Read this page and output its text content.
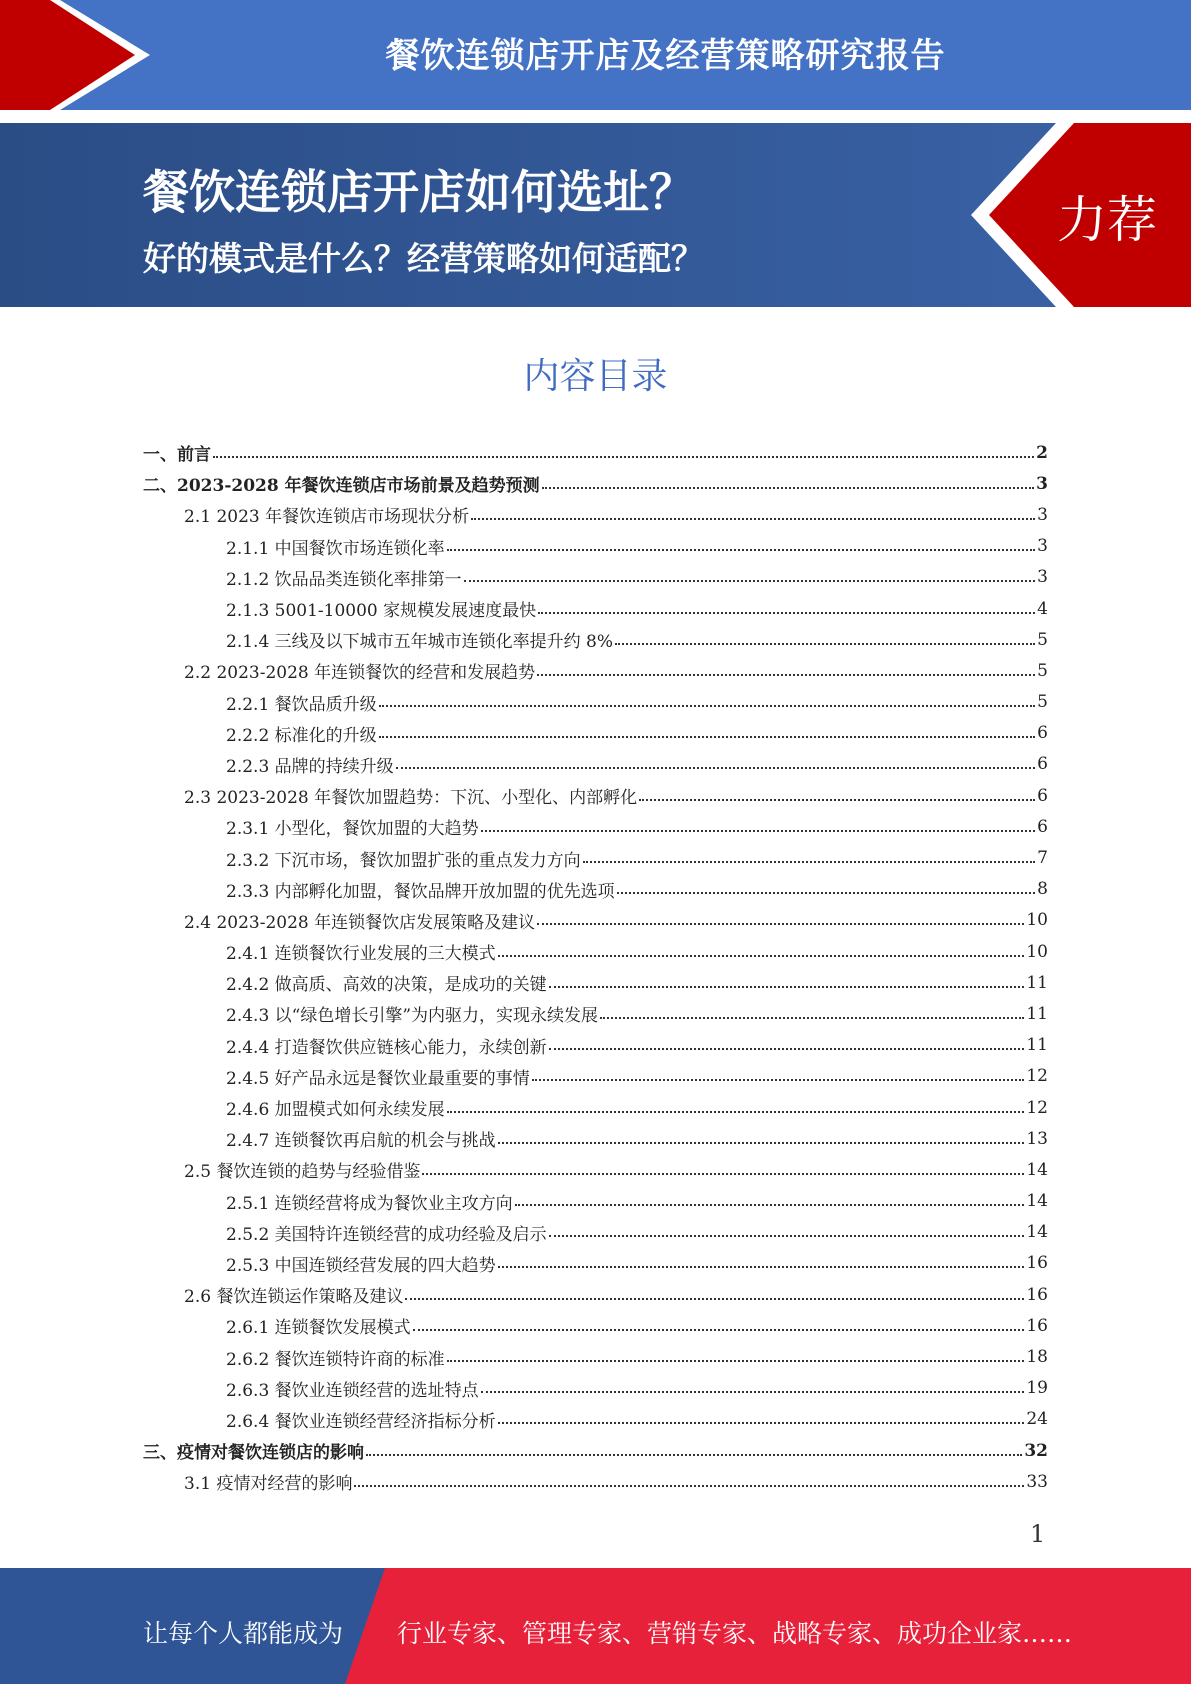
餐饮连锁店开店及经营策略研究报告
餐饮连锁店开店如何选址？
好的模式是什么？经营策略如何适配？
力荐
内容目录
一、前言	2
二、2023-2028 年餐饮连锁店市场前景及趋势预测	3
2.1 2023 年餐饮连锁店市场现状分析	3
2.1.1 中国餐饮市场连锁化率	3
2.1.2 饮品品类连锁化率排第一	3
2.1.3 5001-10000 家规模发展速度最快	4
2.1.4 三线及以下城市五年城市连锁化率提升约 8%	5
2.2 2023-2028 年连锁餐饮的经营和发展趋势	5
2.2.1 餐饮品质升级	5
2.2.2 标准化的升级	6
2.2.3 品牌的持续升级	6
2.3 2023-2028 年餐饮加盟趋势：下沉、小型化、内部孵化	6
2.3.1 小型化，餐饮加盟的大趋势	6
2.3.2 下沉市场，餐饮加盟扩张的重点发力方向	7
2.3.3 内部孵化加盟，餐饮品牌开放加盟的优先选项	8
2.4 2023-2028 年连锁餐饮店发展策略及建议	10
2.4.1 连锁餐饮行业发展的三大模式	10
2.4.2 做高质、高效的决策，是成功的关键	11
2.4.3 以“绿色增长引擎”为内驱力，实现永续发展	11
2.4.4 打造餐饮供应链核心能力，永续创新	11
2.4.5 好产品永远是餐饮业最重要的事情	12
2.4.6 加盟模式如何永续发展	12
2.4.7 连锁餐饮再启航的机会与挑战	13
2.5 餐饮连锁的趋势与经验借鉴	14
2.5.1 连锁经营将成为餐饮业主攻方向	14
2.5.2 美国特许连锁经营的成功经验及启示	14
2.5.3 中国连锁经营发展的四大趋势	16
2.6 餐饮连锁运作策略及建议	16
2.6.1 连锁餐饮发展模式	16
2.6.2 餐饮连锁特许商的标准	18
2.6.3 餐饮业连锁经营的选址特点	19
2.6.4 餐饮业连锁经营经济指标分析	24
三、疫情对餐饮连锁店的影响	32
3.1 疫情对经营的影响	33
1
让每个人都能成为 行业专家、管理专家、营销专家、战略专家、成功企业家……
